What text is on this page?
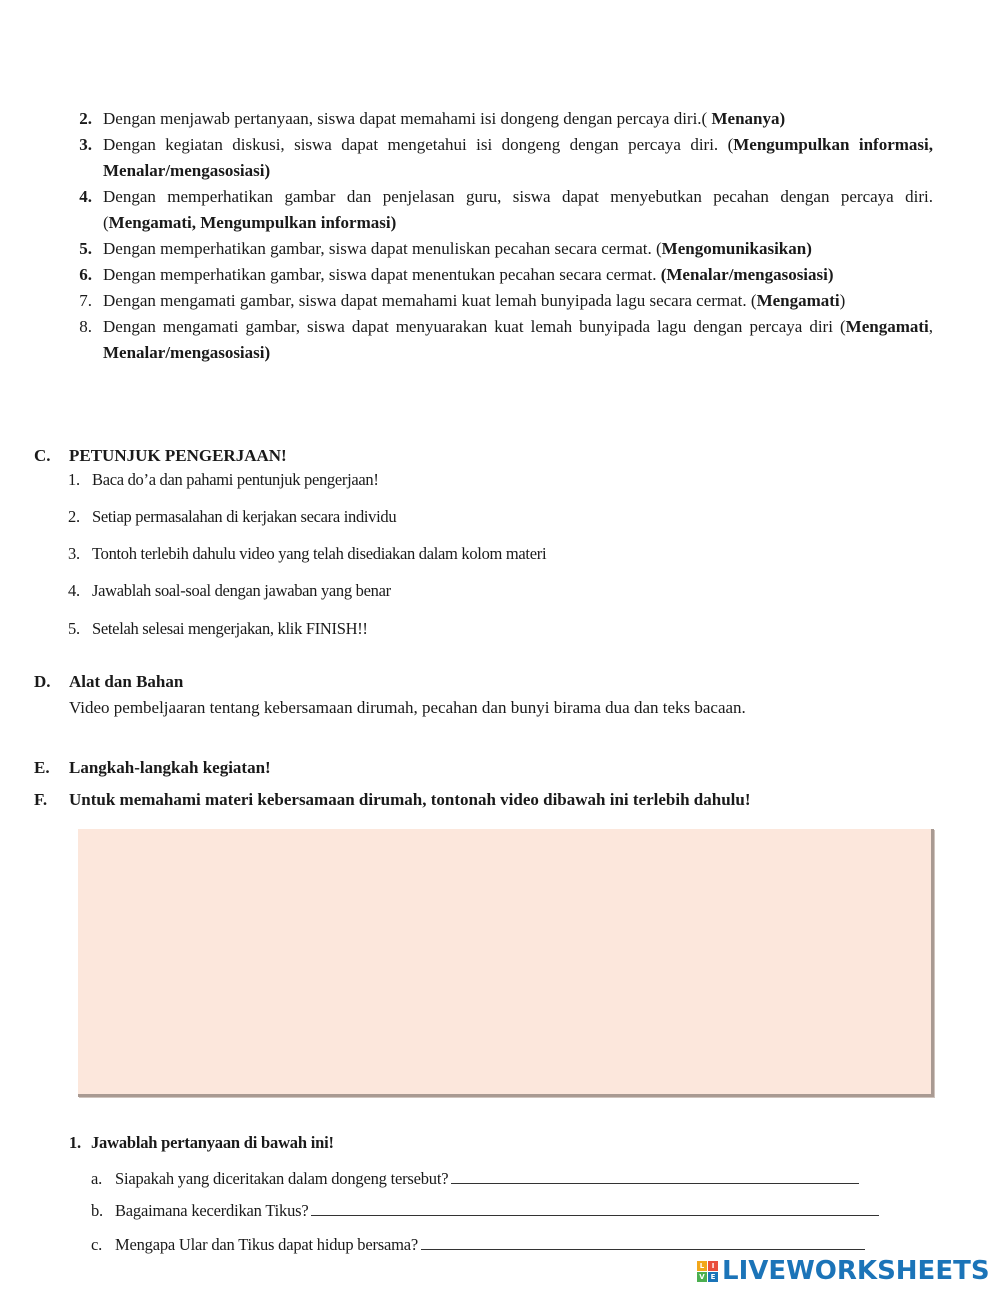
2. Dengan menjawab pertanyaan, siswa dapat memahami isi dongeng dengan percaya diri.( Menanya)
3. Dengan kegiatan diskusi, siswa dapat mengetahui isi dongeng dengan percaya diri. (Mengumpulkan informasi, Menalar/mengasosiasi)
4. Dengan memperhatikan gambar dan penjelasan guru, siswa dapat menyebutkan pecahan dengan percaya diri. (Mengamati, Mengumpulkan informasi)
5. Dengan memperhatikan gambar, siswa dapat menuliskan pecahan secara cermat. (Mengomunikasikan)
6. Dengan memperhatikan gambar, siswa dapat menentukan pecahan secara cermat. (Menalar/mengasosiasi)
7. Dengan mengamati gambar, siswa dapat memahami kuat lemah bunyipada lagu secara cermat. (Mengamati)
8. Dengan mengamati gambar, siswa dapat menyuarakan kuat lemah bunyipada lagu dengan percaya diri (Mengamati, Menalar/mengasosiasi)
C. PETUNJUK PENGERJAAN!
1. Baca do’a dan pahami pentunjuk pengerjaan!
2. Setiap permasalahan di kerjakan secara individu
3. Tontoh terlebih dahulu video yang telah disediakan dalam kolom materi
4. Jawablah soal-soal dengan jawaban yang benar
5. Setelah selesai mengerjakan, klik FINISH!!
D. Alat dan Bahan
Video pembeljaaran tentang kebersamaan dirumah, pecahan dan bunyi birama dua dan teks bacaan.
E. Langkah-langkah kegiatan!
F. Untuk memahami materi kebersamaan dirumah, tontonah video dibawah ini terlebih dahulu!
1. Jawablah pertanyaan di bawah ini!
a. Siapakah yang diceritakan dalam dongeng tersebut?
b. Bagaimana kecerdikan Tikus?
c. Mengapa Ular dan Tikus dapat hidup bersama?
L	I
V E LIVEWORKSHEETS
